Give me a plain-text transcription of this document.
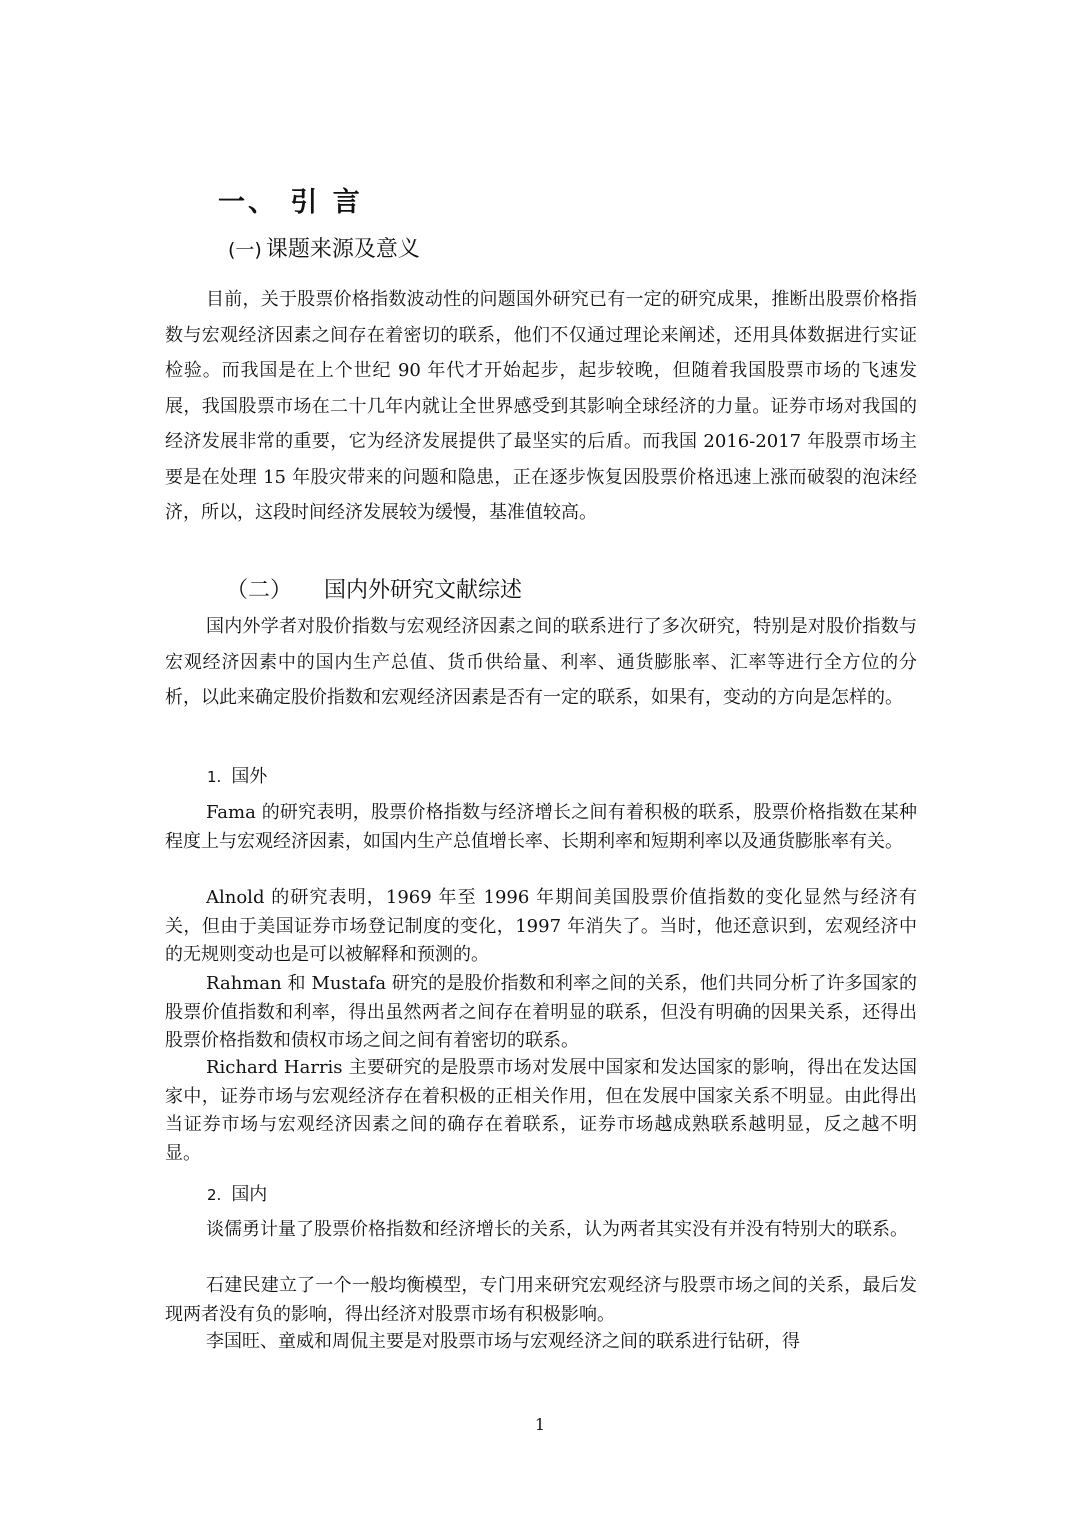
一、 引 言
(一) 课题来源及意义

目前，关于股票价格指数波动性的问题国外研究已有一定的研究成果，推断出股票价格指数与宏观经济因素之间存在着密切的联系，他们不仅通过理论来阐述，还用具体数据进行实证检验。而我国是在上个世纪 90 年代才开始起步，起步较晚，但随着我国股票市场的飞速发展，我国股票市场在二十几年内就让全世界感受到其影响全球经济的力量。证券市场对我国的经济发展非常的重要，它为经济发展提供了最坚实的后盾。而我国 2016-2017 年股票市场主要是在处理 15 年股灾带来的问题和隐患，正在逐步恢复因股票价格迅速上涨而破裂的泡沫经济，所以，这段时间经济发展较为缓慢，基准值较高。

（二） 国内外研究文献综述

国内外学者对股价指数与宏观经济因素之间的联系进行了多次研究，特别是对股价指数与宏观经济因素中的国内生产总值、货币供给量、利率、通货膨胀率、汇率等进行全方位的分析，以此来确定股价指数和宏观经济因素是否有一定的联系，如果有，变动的方向是怎样的。

1. 国外

Fama 的研究表明，股票价格指数与经济增长之间有着积极的联系，股票价格指数在某种程度上与宏观经济因素，如国内生产总值增长率、长期利率和短期利率以及通货膨胀率有关。

Alnold 的研究表明，1969 年至 1996 年期间美国股票价值指数的变化显然与经济有关，但由于美国证券市场登记制度的变化，1997 年消失了。当时，他还意识到，宏观经济中的无规则变动也是可以被解释和预测的。

Rahman 和 Mustafa 研究的是股价指数和利率之间的关系，他们共同分析了许多国家的股票价值指数和利率，得出虽然两者之间存在着明显的联系，但没有明确的因果关系，还得出股票价格指数和债权市场之间之间有着密切的联系。

Richard Harris 主要研究的是股票市场对发展中国家和发达国家的影响，得出在发达国家中，证券市场与宏观经济存在着积极的正相关作用，但在发展中国家关系不明显。由此得出当证券市场与宏观经济因素之间的确存在着联系，证券市场越成熟联系越明显，反之越不明显。

2. 国内

谈儒勇计量了股票价格指数和经济增长的关系，认为两者其实没有并没有特别大的联系。

石建民建立了一个一般均衡模型，专门用来研究宏观经济与股票市场之间的关系，最后发现两者没有负的影响，得出经济对股票市场有积极影响。

李国旺、童威和周侃主要是对股票市场与宏观经济之间的联系进行钻研，得

1
